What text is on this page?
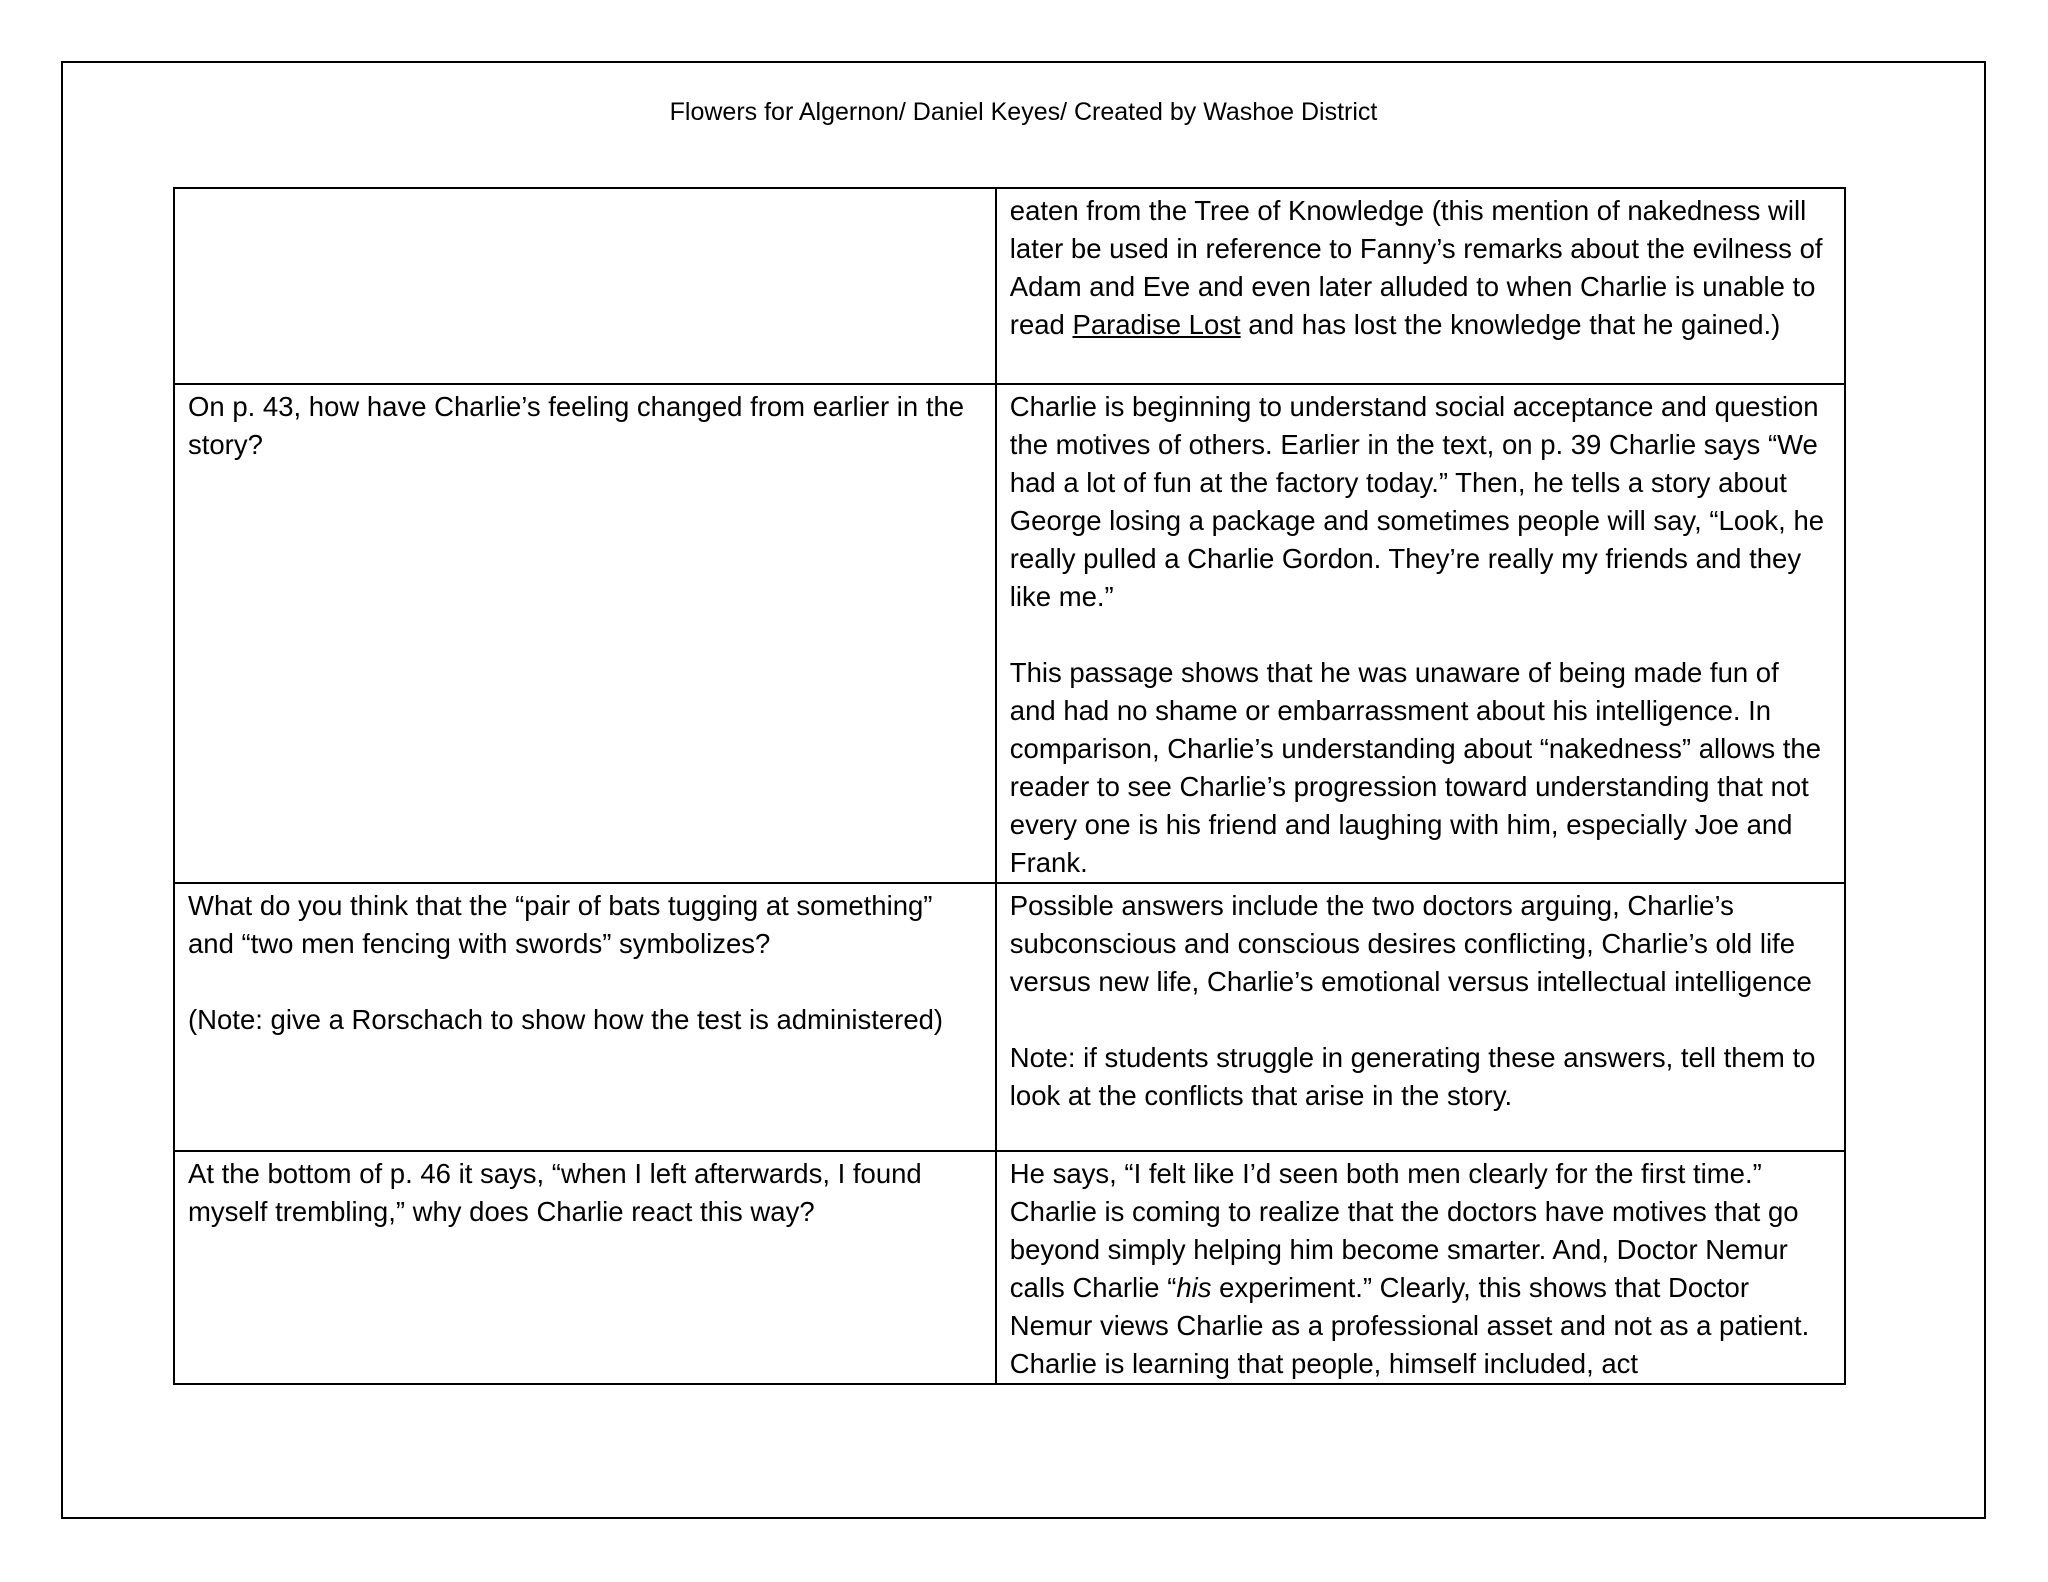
Flowers for Algernon/ Daniel Keyes/ Created by Washoe District
	eaten from the Tree of Knowledge (this mention of nakedness will later be used in reference to Fanny’s remarks about the evilness of Adam and Eve and even later alluded to when Charlie is unable to read Paradise Lost and has lost the knowledge that he gained.)

On p. 43, how have Charlie’s feeling changed from earlier in the story?	Charlie is beginning to understand social acceptance and question the motives of others. Earlier in the text, on p. 39 Charlie says “We had a lot of fun at the factory today.” Then, he tells a story about George losing a package and sometimes people will say, “Look, he really pulled a Charlie Gordon. They’re really my friends and they like me.”
This passage shows that he was unaware of being made fun of and had no shame or embarrassment about his intelligence. In comparison, Charlie’s understanding about “nakedness” allows the reader to see Charlie’s progression toward understanding that not every one is his friend and laughing with him, especially Joe and Frank.

What do you think that the “pair of bats tugging at something” and “two men fencing with swords” symbolizes?
(Note: give a Rorschach to show how the test is administered)	Possible answers include the two doctors arguing, Charlie’s subconscious and conscious desires conflicting, Charlie’s old life versus new life, Charlie’s emotional versus intellectual intelligence
Note: if students struggle in generating these answers, tell them to look at the conflicts that arise in the story.

At the bottom of p. 46 it says, “when I left afterwards, I found myself trembling,” why does Charlie react this way?	He says, “I felt like I’d seen both men clearly for the first time.” Charlie is coming to realize that the doctors have motives that go beyond simply helping him become smarter. And, Doctor Nemur calls Charlie “his experiment.” Clearly, this shows that Doctor Nemur views Charlie as a professional asset and not as a patient. Charlie is learning that people, himself included, act
